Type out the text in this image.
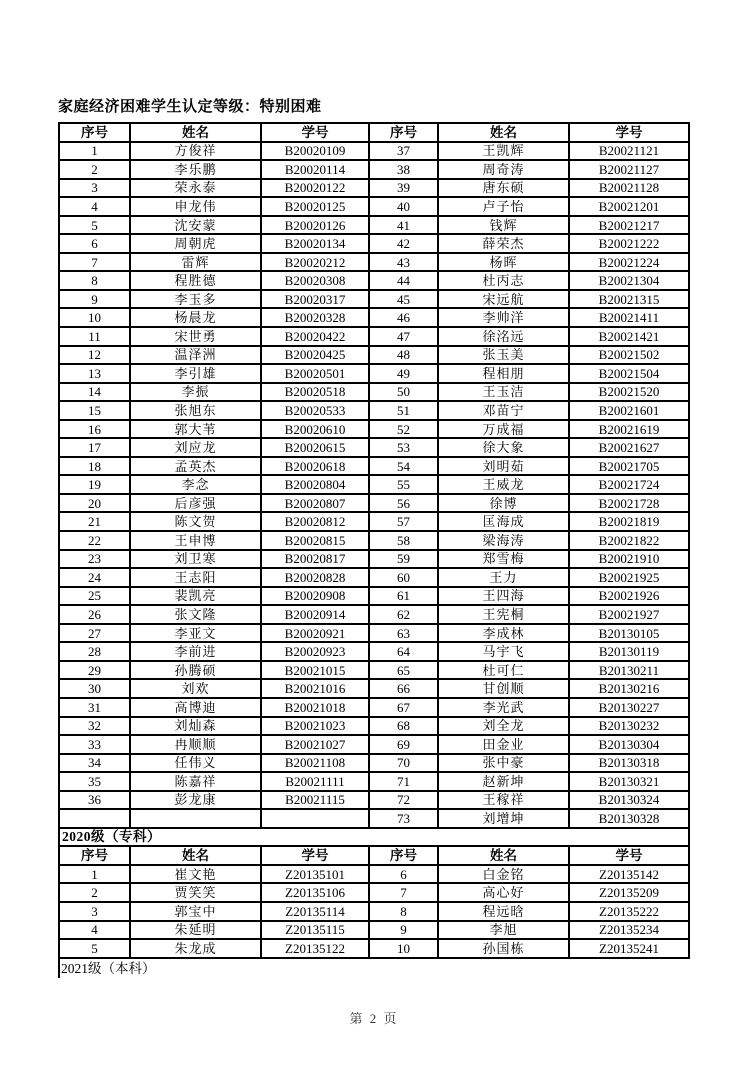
家庭经济困难学生认定等级：特别困难
序号	姓名	学号	序号	姓名	学号
1	方俊祥	B20020109	37	王凯辉	B20021121
2	李乐鹏	B20020114	38	周奇涛	B20021127
3	荣永泰	B20020122	39	唐东硕	B20021128
4	申龙伟	B20020125	40	卢子怡	B20021201
5	沈安蒙	B20020126	41	钱辉	B20021217
6	周朝虎	B20020134	42	薛荣杰	B20021222
7	雷辉	B20020212	43	杨晖	B20021224
8	程胜德	B20020308	44	杜丙志	B20021304
9	李玉多	B20020317	45	宋远航	B20021315
10	杨晨龙	B20020328	46	李帅洋	B20021411
11	宋世勇	B20020422	47	徐洺远	B20021421
12	温泽洲	B20020425	48	张玉美	B20021502
13	李引雄	B20020501	49	程相朋	B20021504
14	李振	B20020518	50	王玉洁	B20021520
15	张旭东	B20020533	51	邓苗宁	B20021601
16	郭大苇	B20020610	52	万成福	B20021619
17	刘应龙	B20020615	53	徐大象	B20021627
18	孟英杰	B20020618	54	刘明茹	B20021705
19	李念	B20020804	55	王威龙	B20021724
20	后彦强	B20020807	56	徐博	B20021728
21	陈文贺	B20020812	57	匡海成	B20021819
22	王申博	B20020815	58	梁海涛	B20021822
23	刘卫寒	B20020817	59	郑雪梅	B20021910
24	王志阳	B20020828	60	王力	B20021925
25	裴凯亮	B20020908	61	王四海	B20021926
26	张文隆	B20020914	62	王宪桐	B20021927
27	李亚文	B20020921	63	李成林	B20130105
28	李前进	B20020923	64	马宇飞	B20130119
29	孙腾硕	B20021015	65	杜可仁	B20130211
30	刘欢	B20021016	66	甘创顺	B20130216
31	高博迪	B20021018	67	李光武	B20130227
32	刘灿森	B20021023	68	刘全龙	B20130232
33	冉顺顺	B20021027	69	田金业	B20130304
34	任伟义	B20021108	70	张中豪	B20130318
35	陈嘉祥	B20021111	71	赵新坤	B20130321
36	彭龙康	B20021115	72	王稼祥	B20130324
			73	刘增坤	B20130328
2020级（专科）					
序号	姓名	学号	序号	姓名	学号
1	崔文艳	Z20135101	6	白金铭	Z20135142
2	贾笑笑	Z20135106	7	高心好	Z20135209
3	郭宝中	Z20135114	8	程远晗	Z20135222
4	朱延明	Z20135115	9	李旭	Z20135234
5	朱龙成	Z20135122	10	孙国栋	Z20135241
2021级（本科）
第 2 页
